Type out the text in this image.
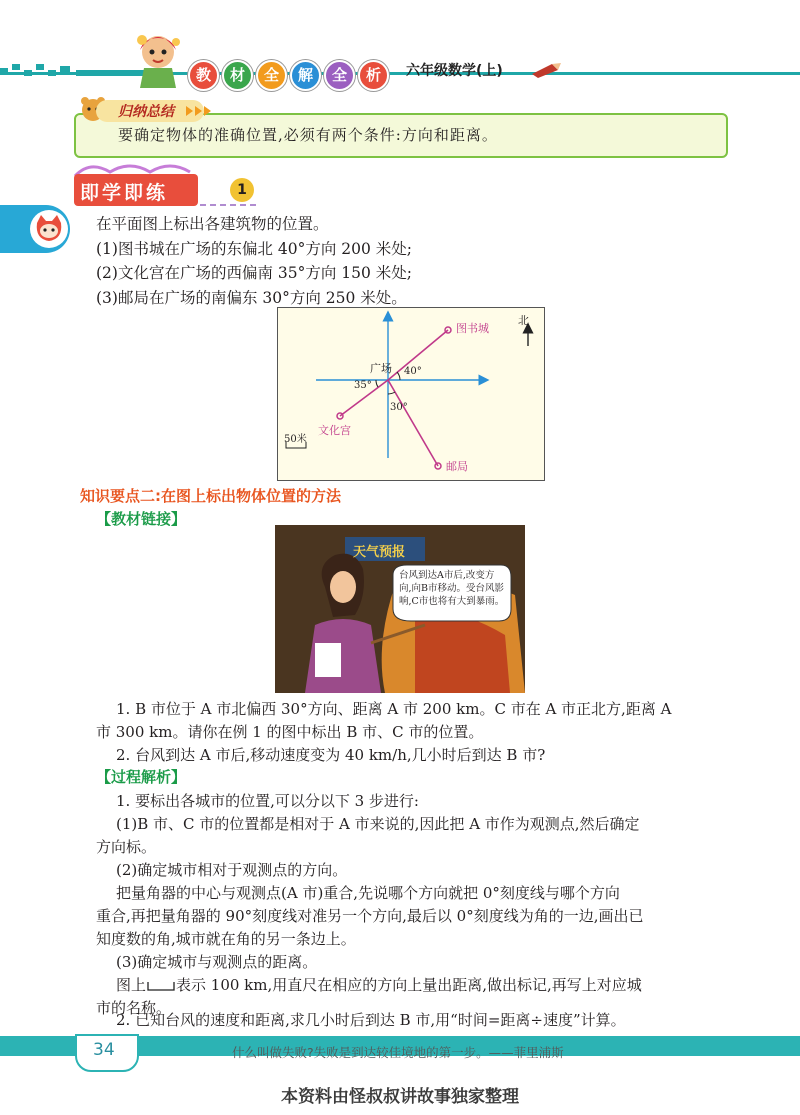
教	材	全	解	全	析	六年级数学(上)
归纳总结
要确定物体的准确位置,必须有两个条件:方向和距离。
即学即练	1
在平面图上标出各建筑物的位置。
(1)图书城在广场的东偏北 40°方向 200 米处;
(2)文化宫在广场的西偏南 35°方向 150 米处;
(3)邮局在广场的南偏东 30°方向 250 米处。
北
广场
图书城
文化宫
邮局
40°
35°
30°
50米
知识要点二:在图上标出物体位置的方法
【教材链接】
天气预报
台风到达A市后,改变方向,向B市移动。受台风影响,C市也将有大到暴雨。
1. B 市位于 A 市北偏西 30°方向、距离 A 市 200 km。C 市在 A 市正北方,距离 A
市 300 km。请你在例 1 的图中标出 B 市、C 市的位置。
2. 台风到达 A 市后,移动速度变为 40 km/h,几小时后到达 B 市?
【过程解析】
1. 要标出各城市的位置,可以分以下 3 步进行:
(1)B 市、C 市的位置都是相对于 A 市来说的,因此把 A 市作为观测点,然后确定
方向标。
(2)确定城市相对于观测点的方向。
把量角器的中心与观测点(A 市)重合,先说哪个方向就把 0°刻度线与哪个方向
重合,再把量角器的 90°刻度线对准另一个方向,最后以 0°刻度线为角的一边,画出已
知度数的角,城市就在角的另一条边上。
(3)确定城市与观测点的距离。
图上 表示 100 km,用直尺在相应的方向上量出距离,做出标记,再写上对应城
市的名称。
2. 已知台风的速度和距离,求几小时后到达 B 市,用“时间=距离÷速度”计算。
34	什么叫做失败?失败是到达较佳境地的第一步。——菲里浦斯
本资料由怪叔叔讲故事独家整理
